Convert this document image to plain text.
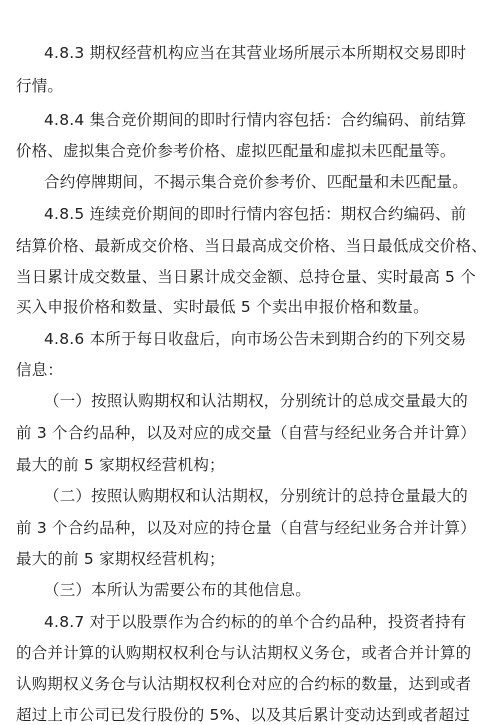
4.8.3 期权经营机构应当在其营业场所展示本所期权交易即时
行情。
4.8.4 集合竞价期间的即时行情内容包括：合约编码、前结算
价格、虚拟集合竞价参考价格、虚拟匹配量和虚拟未匹配量等。
合约停牌期间，不揭示集合竞价参考价、匹配量和未匹配量。
4.8.5 连续竞价期间的即时行情内容包括：期权合约编码、前
结算价格、最新成交价格、当日最高成交价格、当日最低成交价格、
当日累计成交数量、当日累计成交金额、总持仓量、实时最高 5 个
买入申报价格和数量、实时最低 5 个卖出申报价格和数量。
4.8.6 本所于每日收盘后，向市场公告未到期合约的下列交易
信息：
（一）按照认购期权和认沽期权，分别统计的总成交量最大的
前 3 个合约品种，以及对应的成交量（自营与经纪业务合并计算）
最大的前 5 家期权经营机构；
（二）按照认购期权和认沽期权，分别统计的总持仓量最大的
前 3 个合约品种，以及对应的持仓量（自营与经纪业务合并计算）
最大的前 5 家期权经营机构；
（三）本所认为需要公布的其他信息。
4.8.7 对于以股票作为合约标的的单个合约品种，投资者持有
的合并计算的认购期权权利仓与认沽期权义务仓，或者合并计算的
认购期权义务仓与认沽期权权利仓对应的合约标的数量，达到或者
超过上市公司已发行股份的 5%、以及其后累计变动达到或者超过
